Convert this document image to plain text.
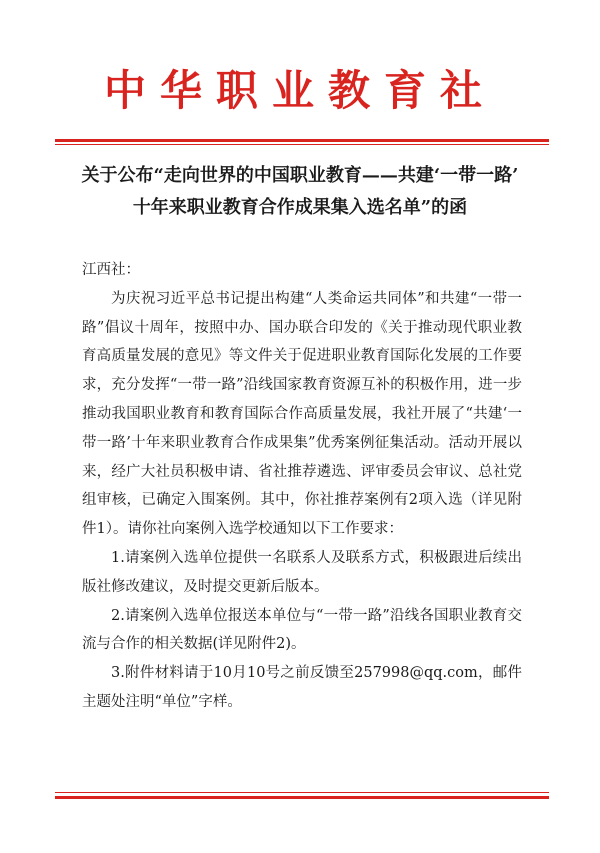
中华职业教育社
关于公布“走向世界的中国职业教育——共建‘一带一路’
十年来职业教育合作成果集入选名单”的函
江西社：

为庆祝习近平总书记提出构建“人类命运共同体”和共建“一带一路”倡议十周年，按照中办、国办联合印发的《关于推动现代职业教育高质量发展的意见》等文件关于促进职业教育国际化发展的工作要求，充分发挥“一带一路”沿线国家教育资源互补的积极作用，进一步推动我国职业教育和教育国际合作高质量发展，我社开展了“共建‘一带一路’十年来职业教育合作成果集”优秀案例征集活动。活动开展以来，经广大社员积极申请、省社推荐遴选、评审委员会审议、总社党组审核，已确定入围案例。其中，你社推荐案例有2项入选（详见附件1）。请你社向案例入选学校通知以下工作要求：

1.请案例入选单位提供一名联系人及联系方式，积极跟进后续出版社修改建议，及时提交更新后版本。

2.请案例入选单位报送本单位与“一带一路”沿线各国职业教育交流与合作的相关数据(详见附件2)。

3.附件材料请于10月10号之前反馈至257998@qq.com，邮件主题处注明“单位”字样。
